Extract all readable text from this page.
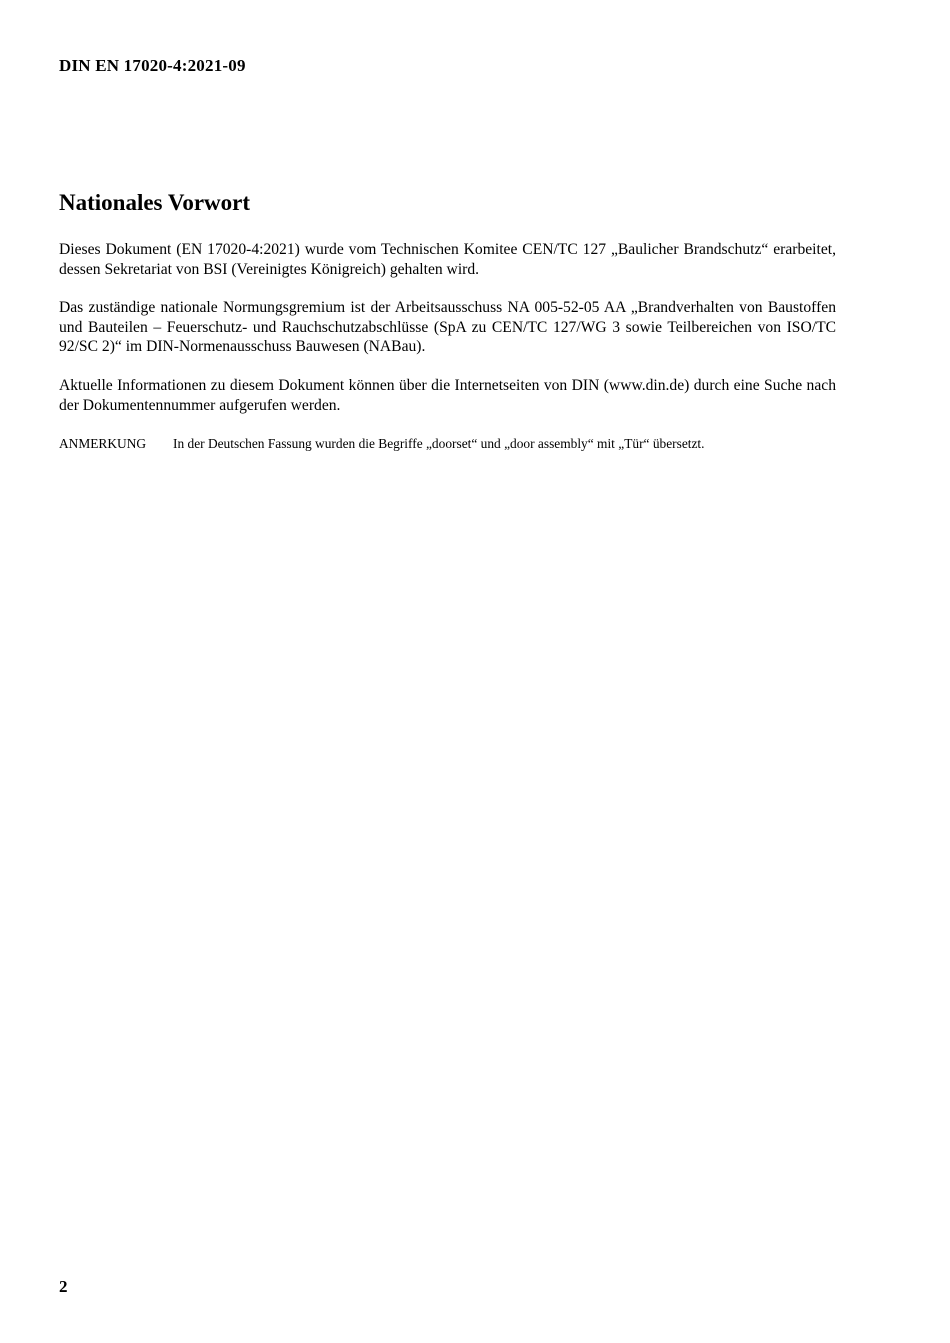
DIN EN 17020-4:2021-09
Nationales Vorwort

Dieses Dokument (EN 17020-4:2021) wurde vom Technischen Komitee CEN/TC 127 „Baulicher Brandschutz“ erarbeitet, dessen Sekretariat von BSI (Vereinigtes Königreich) gehalten wird.

Das zuständige nationale Normungsgremium ist der Arbeitsausschuss NA 005-52-05 AA „Brandverhalten von Baustoffen und Bauteilen – Feuerschutz- und Rauchschutzabschlüsse (SpA zu CEN/TC 127/WG 3 sowie Teilbereichen von ISO/TC 92/SC 2)“ im DIN-Normenausschuss Bauwesen (NABau).

Aktuelle Informationen zu diesem Dokument können über die Internetseiten von DIN (www.din.de) durch eine Suche nach der Dokumentennummer aufgerufen werden.

ANMERKUNG In der Deutschen Fassung wurden die Begriffe „doorset“ und „door assembly“ mit „Tür“ übersetzt.
2
